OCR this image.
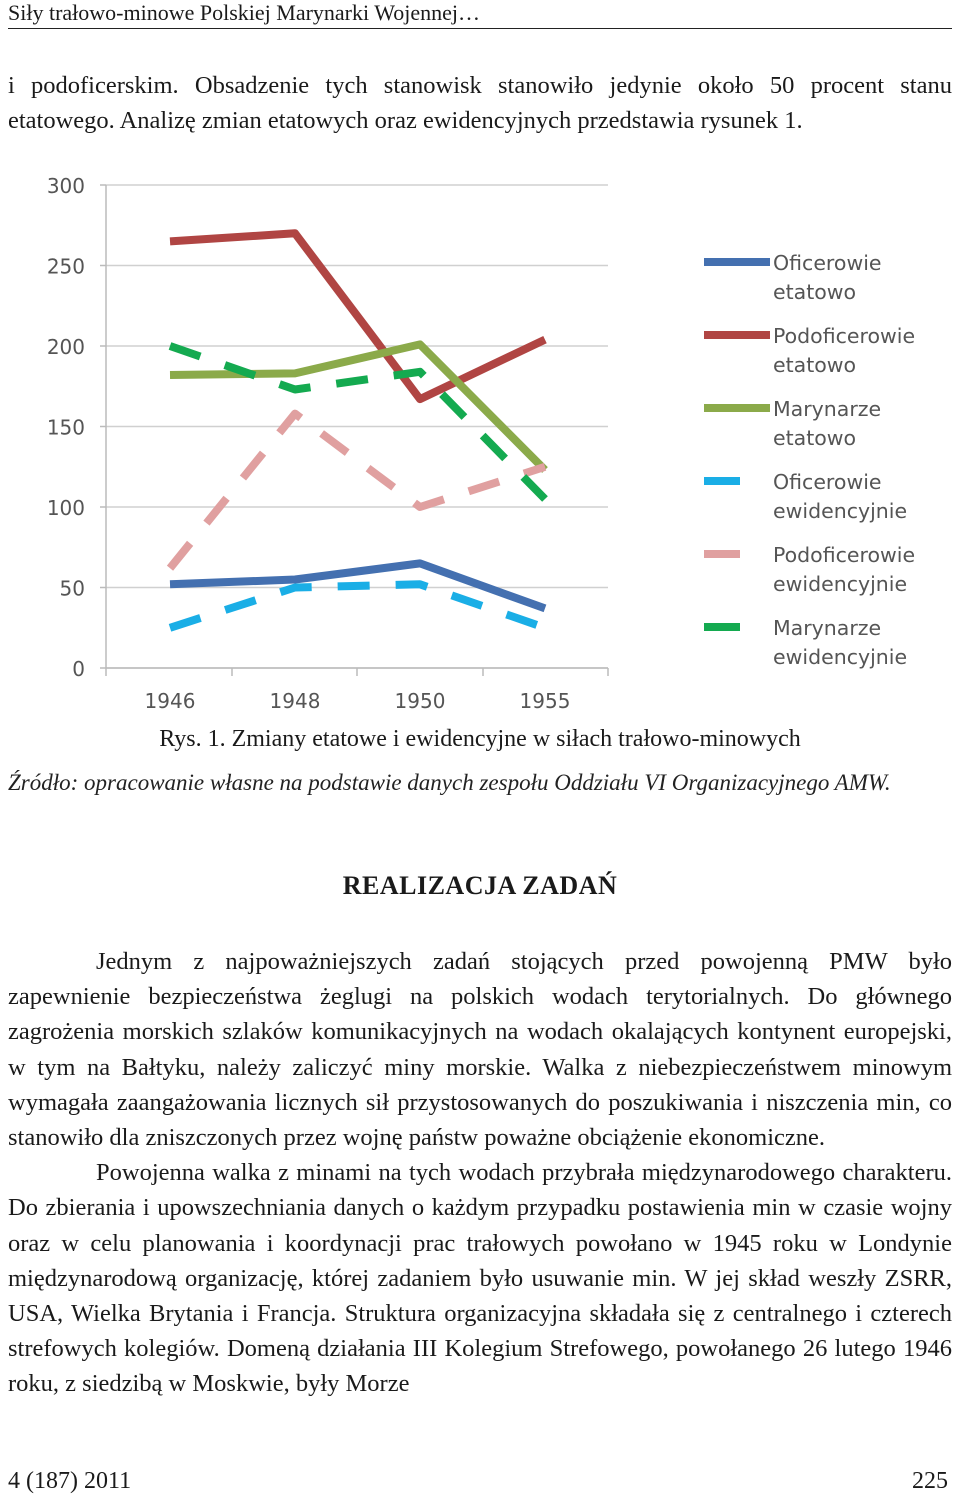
Siły trałowo-minowe Polskiej Marynarki Wojennej…

i podoficerskim. Obsadzenie tych stanowisk stanowiło jedynie około 50 procent stanu etatowego. Analizę zmian etatowych oraz ewidencyjnych przedstawia rysunek 1.

0
50
100
150
200
250
300
1946	1948	1950	1955
Oficerowie
etatowo
Podoficerowie
etatowo
Marynarze
etatowo
Oficerowie
ewidencyjnie
Podoficerowie
ewidencyjnie
Marynarze
ewidencyjnie
Rys. 1. Zmiany etatowe i ewidencyjne w siłach trałowo-minowych
Źródło: opracowanie własne na podstawie danych zespołu Oddziału VI Organizacyjnego AMW.
REALIZACJA ZADAŃ

Jednym z najpoważniejszych zadań stojących przed powojenną PMW było zapewnienie bezpieczeństwa żeglugi na polskich wodach terytorialnych. Do głównego zagrożenia morskich szlaków komunikacyjnych na wodach okalających kontynent europejski, w tym na Bałtyku, należy zaliczyć miny morskie. Walka z niebezpieczeństwem minowym wymagała zaangażowania licznych sił przystosowanych do poszukiwania i niszczenia min, co stanowiło dla zniszczonych przez wojnę państw poważne obciążenie ekonomiczne.

Powojenna walka z minami na tych wodach przybrała międzynarodowego charakteru. Do zbierania i upowszechniania danych o każdym przypadku postawienia min w czasie wojny oraz w celu planowania i koordynacji prac trałowych powołano w 1945 roku w Londynie międzynarodową organizację, której zadaniem było usuwanie min. W jej skład weszły ZSRR, USA, Wielka Brytania i Francja. Struktura organizacyjna składała się z centralnego i czterech strefowych kolegiów. Domeną działania III Kolegium Strefowego, powołanego 26 lutego 1946 roku, z siedzibą w Moskwie, były Morze

4 (187) 2011	225
